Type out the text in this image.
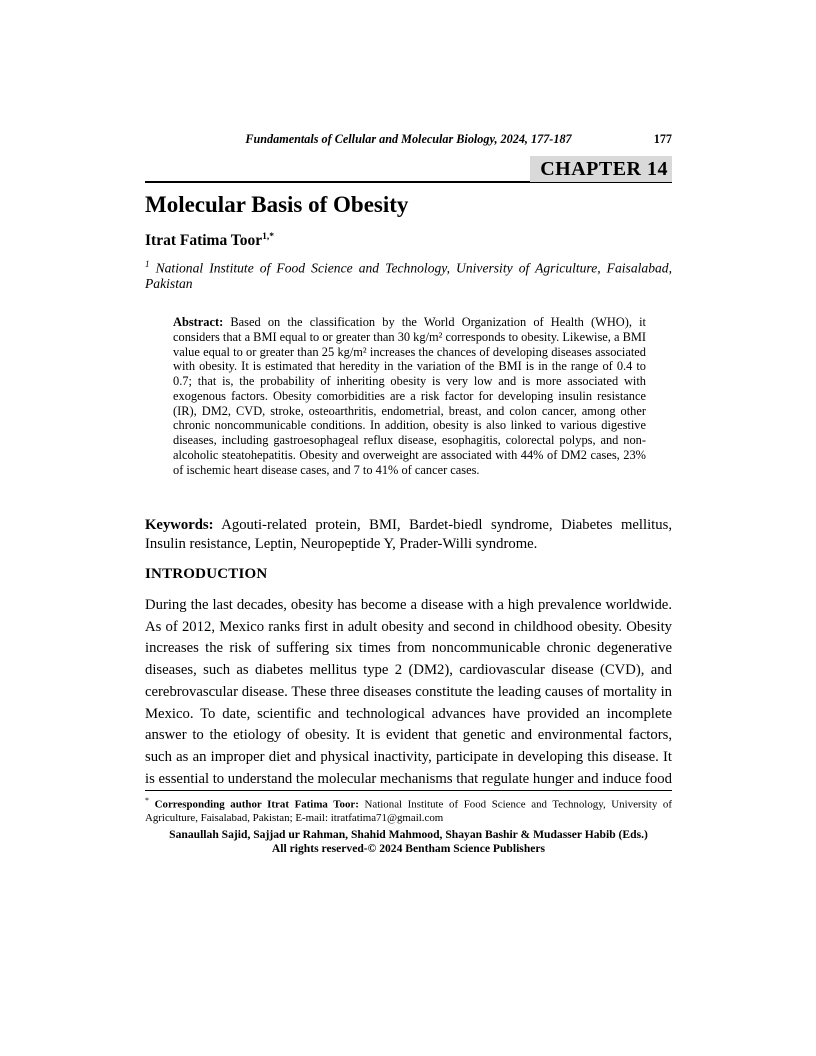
Fundamentals of Cellular and Molecular Biology, 2024, 177-187	177
CHAPTER 14
Molecular Basis of Obesity
Itrat Fatima Toor$^{1,*}$
$^1$ National Institute of Food Science and Technology, University of Agriculture, Faisalabad, Pakistan
Abstract: Based on the classification by the World Organization of Health (WHO), it considers that a BMI equal to or greater than 30 kg/m² corresponds to obesity. Likewise, a BMI value equal to or greater than 25 kg/m² increases the chances of developing diseases associated with obesity. It is estimated that heredity in the variation of the BMI is in the range of 0.4 to 0.7; that is, the probability of inheriting obesity is very low and is more associated with exogenous factors. Obesity comorbidities are a risk factor for developing insulin resistance (IR), DM2, CVD, stroke, osteoarthritis, endometrial, breast, and colon cancer, among other chronic noncommunicable conditions. In addition, obesity is also linked to various digestive diseases, including gastroesophageal reflux disease, esophagitis, colorectal polyps, and non-alcoholic steatohepatitis. Obesity and overweight are associated with 44% of DM2 cases, 23% of ischemic heart disease cases, and 7 to 41% of cancer cases.
Keywords: Agouti-related protein, BMI, Bardet-biedl syndrome, Diabetes mellitus, Insulin resistance, Leptin, Neuropeptide Y, Prader-Willi syndrome.
INTRODUCTION
During the last decades, obesity has become a disease with a high prevalence worldwide. As of 2012, Mexico ranks first in adult obesity and second in childhood obesity. Obesity increases the risk of suffering six times from noncommunicable chronic degenerative diseases, such as diabetes mellitus type 2 (DM2), cardiovascular disease (CVD), and cerebrovascular disease. These three diseases constitute the leading causes of mortality in Mexico. To date, scientific and technological advances have provided an incomplete answer to the etiology of obesity. It is evident that genetic and environmental factors, such as an improper diet and physical inactivity, participate in developing this disease. It is essential to understand the molecular mechanisms that regulate hunger and induce food
* Corresponding author Itrat Fatima Toor: National Institute of Food Science and Technology, University of Agriculture, Faisalabad, Pakistan; E-mail: itratfatima71@gmail.com
Sanaullah Sajid, Sajjad ur Rahman, Shahid Mahmood, Shayan Bashir & Mudasser Habib (Eds.)
All rights reserved-© 2024 Bentham Science Publishers
